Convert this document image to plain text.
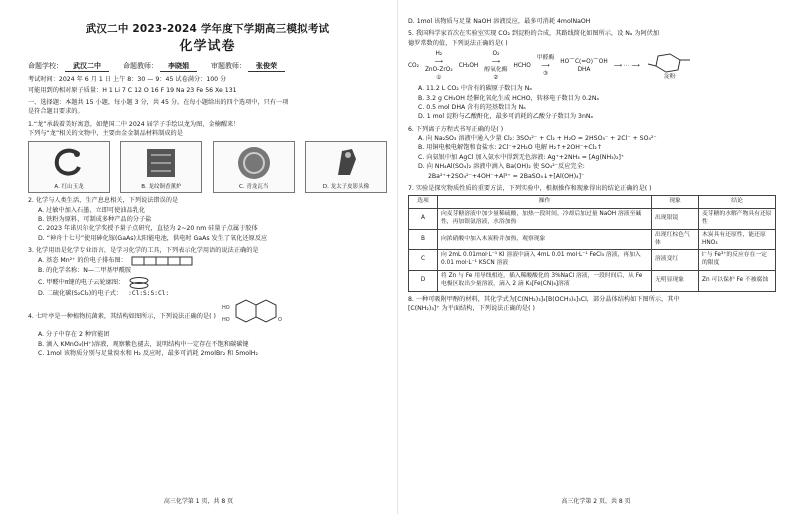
武汉二中 2023-2024 学年度下学期高三模拟考试
化学试卷
命题学校：	武汉二中	命题教师：	李晓娟	审题教师：	张俊荣

考试时间：2024 年 6 月 1 日 上午 8：30 — 9：45 试卷满分：100 分

可能用到的相对原子质量：H 1 Li 7 C 12 O 16 F 19 Na 23 Fe 56 Xe 131

一、选择题：本题共 15 小题，每小题 3 分，共 45 分。在每小题给出的四个选项中，只有一项

是符合题目要求的。

1.“龙”承载着美好寓意，如楚国二中 2024 届学子手绘以龙为图，金楠醒来！

下列与“龙”相关的文物中，主要由金金制品材料制成的是

A. 红山玉龙	B. 龙纹铜香薰炉	C. 青龙瓦当	D. 龙太子皮影头像

2. 化学与人类生活、生产息息相关，下列说法错误的是

A. 过敏中加入石墨、立即可使油品乳化

B. 铁粉为原料，可制成多种产品的分子盐

C. 2023 年诺贝尔化学奖授予量子点研究，直径为 2~20 nm 硅量子点属于胶体

D. “神舟十七号”使用砷化镓(GaAs)太阳能电池，供电时 GaAs 发生了氧化还原反应

3. 化学用语是化学专业语言，是学习化学的工具，下列表示化学用语的说法正确的是

A. 基态 Mn²⁺ 的价电子排布图：
B. 的化学名称：N—二甲基甲酰胺
C. 甲醛中π键的电子云轮廓图：
D. 二硫化碳(S₂Cl₂)的电子式： :Cl:S:S:Cl:

4. 七叶亭是一种植物抗菌素，其结构如图所示，下列说法正确的是( )

HO
HO	O

A. 分子中存在 2 种官能团

B. 滴入 KMnO₄(H⁺)溶液，观察紫色褪去，说明结构中一定存在不饱和碳碳键

C. 1mol 该物质分别与足量溴水和 H₂ 反应时，最多可消耗 2molBr₂ 和 5molH₂

高三化学第 1 页，共 8 页

D. 1mol 该物质与足量 NaOH 溶液反应，最多可消耗 4molNaOH

5. 我国科学家首次在实验室实现 CO₂ 到淀粉的合成，其路线简化如图所示，设 Nₐ 为阿伏加

德罗常数的值，下列说法正确的是( )

CO₂
H₂
⟶
ZnO-ZrO₂
①
CH₃OH
O₂
⟶
醇氧化酶
②
HCHO
甲醛酶
⟶
③
HO⌒C(=O)⌒OH
DHA
⟶ ⋯ ⟶
淀粉

A. 11.2 L CO₂ 中含有的碳原子数目为 Nₐ

B. 3.2 g CH₃OH 经催化氧化生成 HCHO，转移电子数目为 0.2Nₐ

C. 0.5 mol DHA 含有的羟基数目为 Nₐ

D. 1 mol 淀粉与乙酸酐化，最多可消耗的乙酸分子数目为 3nNₐ

6. 下列离子方程式书写正确的是( )

A. 向 Na₂SO₃ 溶液中通入少量 Cl₂: 3SO₃²⁻ + Cl₂ + H₂O = 2HSO₃⁻ + 2Cl⁻ + SO₄²⁻

B. 用铜电极电解饱和食盐水: 2Cl⁻+2H₂O 电解 H₂↑+2OH⁻+Cl₂↑

C. 向氨银中加 AgCl 加入氨水中得到无色溶液: Ag⁺+2NH₃ = [Ag(NH₃)₂]⁺

D. 向 NH₄Al(SO₄)₂ 溶液中滴入 Ba(OH)₂ 使 SO₄²⁻反应完全:

2Ba²⁺+2SO₄²⁻+4OH⁻+Al³⁺ = 2BaSO₄↓+[Al(OH)₄]⁻

7. 实验是探究物质性质的重要方法，下列实验中，根据操作和现象得出的结论正确的是( )

选项	操作	现象	结论
A	向麦芽糖溶液中加少量稀硫酸，加热一段时间，冷却后加过量 NaOH 溶液至碱性，再加银氨溶液，水浴加热	出现银镜	麦芽糖的水解产物具有还原性
B	向浓硝酸中加入木炭粉并加热，观察现象	出现红棕色气体	木炭具有还原性，能还原 HNO₃
C	向 2mL 0.01mol·L⁻¹ KI 溶液中滴入 4mL 0.01 mol·L⁻¹ FeCl₃ 溶液，再加入 0.01 mol·L⁻¹ KSCN 溶液	溶液变红	I⁻与 Fe³⁺的反应存在一定的限度
D	将 Zn 与 Fe 用导线相连，插入稀酸酸化的 3%NaCl 溶液，一段时间后，从 Fe 电极区取出少量溶液，滴入 2 滴 K₃[Fe(CN)₆]溶液	无明显现象	Zn 可以保护 Fe 不被腐蚀

8. 一种可吸附甲醇的材料，其化学式为[C(NH₂)₃]₄[B(OCH₃)₄]₃Cl，部分晶体结构如下图所示，其中

[C(NH₂)₃]⁺ 为平面结构，下列说法正确的是( )

高三化学第 2 页，共 8 页
